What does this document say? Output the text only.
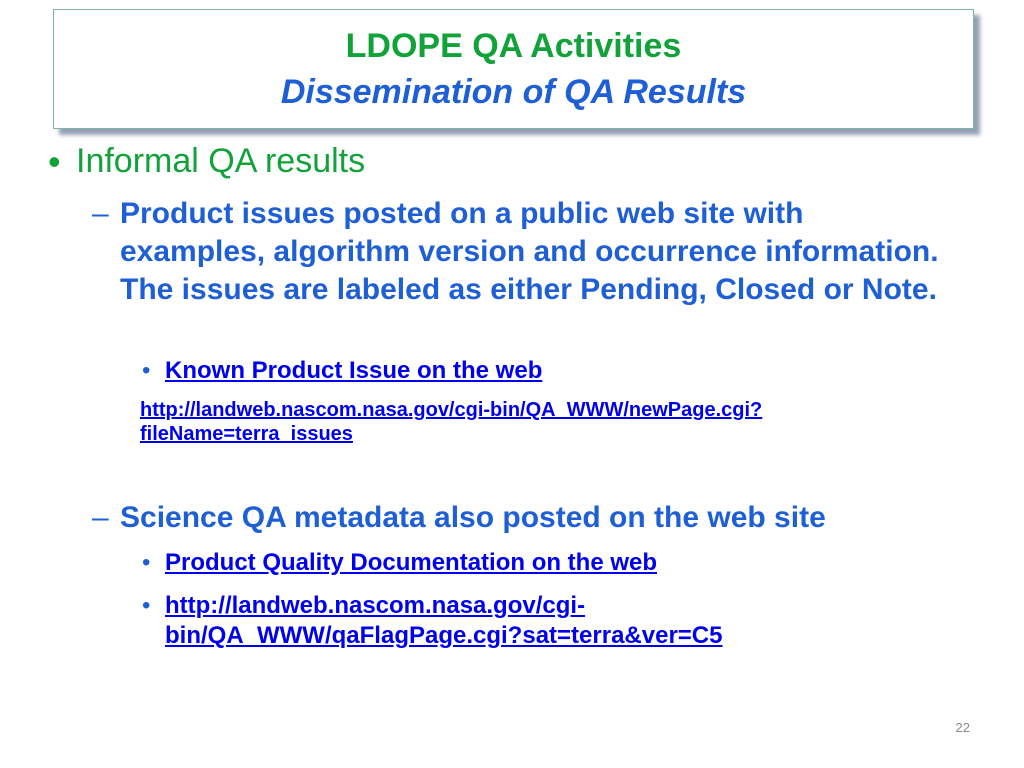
LDOPE QA Activities
Dissemination of QA Results
• Informal QA results
– Product issues posted on a public web site with examples, algorithm version and occurrence information. The issues are labeled as either Pending, Closed or Note.
• Known Product Issue on the web
http://landweb.nascom.nasa.gov/cgi-bin/QA_WWW/newPage.cgi?fileName=terra_issues
– Science QA metadata also posted on the web site
• Product Quality Documentation on the web
• http://landweb.nascom.nasa.gov/cgi-bin/QA_WWW/qaFlagPage.cgi?sat=terra&ver=C5
22
